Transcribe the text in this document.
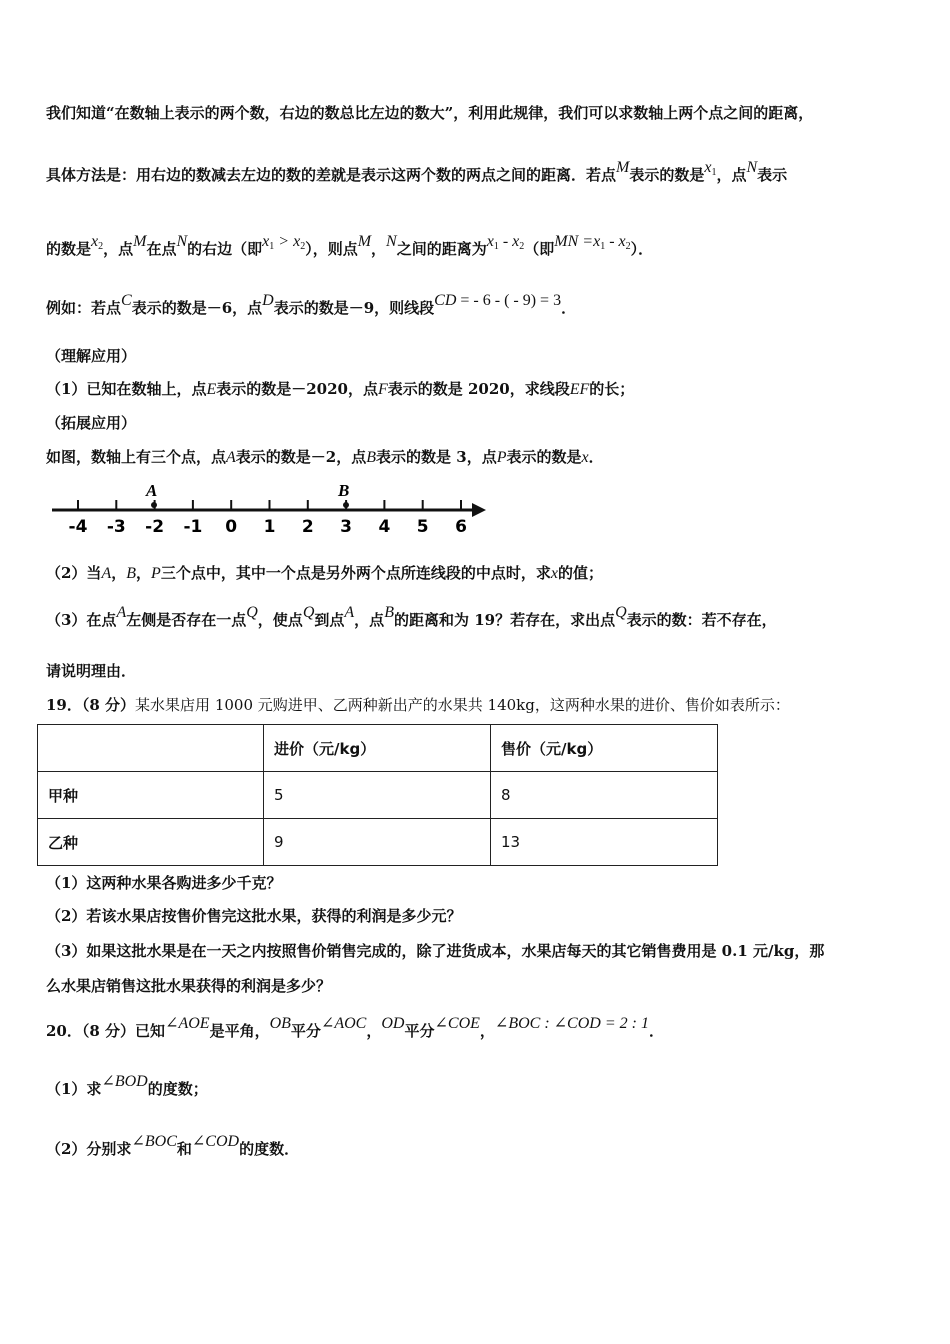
我们知道“在数轴上表示的两个数，右边的数总比左边的数大”，利用此规律，我们可以求数轴上两个点之间的距离，
具体方法是：用右边的数减去左边的数的差就是表示这两个数的两点之间的距离．若点M表示的数是$x_1$，点N表示
的数是$x_2$，点M在点N的右边（即$x_1 > x_2$），则点M，N之间的距离为$x_1 - x_2$（即MN $=x_1 - x_2$）．
例如：若点C表示的数是－6，点D表示的数是－9，则线段CD = - 6 - ( - 9) = 3．
（理解应用）
（1）已知在数轴上，点E表示的数是－2020，点F表示的数是 2020，求线段EF的长；
（拓展应用）
如图，数轴上有三个点，点A表示的数是－2，点B表示的数是 3，点P表示的数是x．
-4 -3 -2 -1 0 1 2 3 4 5 6
A	B
（2）当A，B，P三个点中，其中一个点是另外两个点所连线段的中点时，求x的值；
（3）在点A左侧是否存在一点Q，使点Q到点A，点B的距离和为 19？若存在，求出点Q表示的数：若不存在，
请说明理由．
19．（8 分）某水果店用 1000 元购进甲、乙两种新出产的水果共 140kg，这两种水果的进价、售价如表所示：
	进价（元/kg）	售价（元/kg）
甲种	5	8
乙种	9	13
（1）这两种水果各购进多少千克？
（2）若该水果店按售价售完这批水果，获得的利润是多少元？
（3）如果这批水果是在一天之内按照售价销售完成的，除了进货成本，水果店每天的其它销售费用是 0.1 元/kg，那
么水果店销售这批水果获得的利润是多少？
20．（8 分）已知∠AOE是平角，OB平分∠AOC，OD平分∠COE，∠BOC : ∠COD = 2 : 1．
（1）求∠BOD的度数；
（2）分别求∠BOC和∠COD的度数．
